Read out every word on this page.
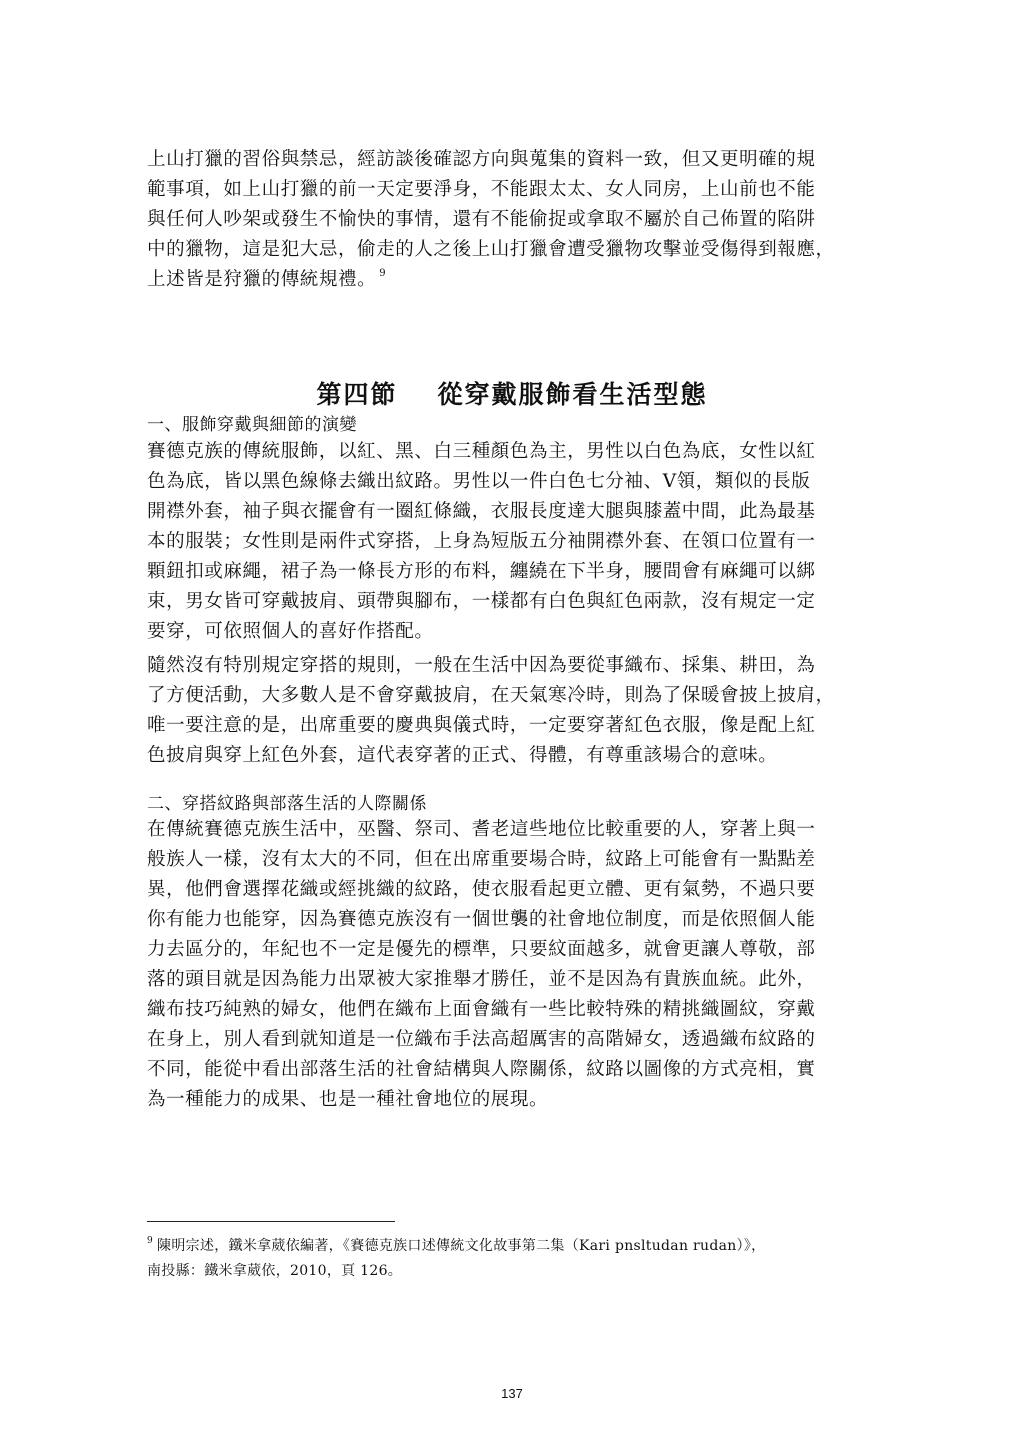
上山打獵的習俗與禁忌，經訪談後確認方向與蒐集的資料一致，但又更明確的規
範事項，如上山打獵的前一天定要淨身，不能跟太太、女人同房，上山前也不能
與任何人吵架或發生不愉快的事情，還有不能偷捉或拿取不屬於自己佈置的陷阱
中的獵物，這是犯大忌，偷走的人之後上山打獵會遭受獵物攻擊並受傷得到報應，
上述皆是狩獵的傳統規禮。 $^9$
第四節 從穿戴服飾看生活型態

一、服飾穿戴與細節的演變

賽德克族的傳統服飾，以紅、黑、白三種顏色為主，男性以白色為底，女性以紅
色為底，皆以黑色線條去織出紋路。男性以一件白色七分袖、V領，類似的長版
開襟外套，袖子與衣擺會有一圈紅條織，衣服長度達大腿與膝蓋中間，此為最基
本的服裝；女性則是兩件式穿搭，上身為短版五分袖開襟外套、在領口位置有一
顆鈕扣或麻繩，裙子為一條長方形的布料，纏繞在下半身，腰間會有麻繩可以綁
束，男女皆可穿戴披肩、頭帶與腳布，一樣都有白色與紅色兩款，沒有規定一定
要穿，可依照個人的喜好作搭配。
隨然沒有特別規定穿搭的規則，一般在生活中因為要從事織布、採集、耕田，為
了方便活動，大多數人是不會穿戴披肩，在天氣寒冷時，則為了保暖會披上披肩，
唯一要注意的是，出席重要的慶典與儀式時，一定要穿著紅色衣服，像是配上紅
色披肩與穿上紅色外套，這代表穿著的正式、得體，有尊重該場合的意味。

二、穿搭紋路與部落生活的人際關係

在傳統賽德克族生活中，巫醫、祭司、耆老這些地位比較重要的人，穿著上與一
般族人一樣，沒有太大的不同，但在出席重要場合時，紋路上可能會有一點點差
異，他們會選擇花織或經挑織的紋路，使衣服看起更立體、更有氣勢，不過只要
你有能力也能穿，因為賽德克族沒有一個世襲的社會地位制度，而是依照個人能
力去區分的，年紀也不一定是優先的標準，只要紋面越多，就會更讓人尊敬，部
落的頭目就是因為能力出眾被大家推舉才勝任，並不是因為有貴族血統。此外，
織布技巧純熟的婦女，他們在織布上面會織有一些比較特殊的精挑織圖紋，穿戴
在身上，別人看到就知道是一位織布手法高超厲害的高階婦女，透過織布紋路的
不同，能從中看出部落生活的社會結構與人際關係，紋路以圖像的方式亮相，實
為一種能力的成果、也是一種社會地位的展現。
$^9$ 陳明宗述，鐵米拿葳依編著，《賽德克族口述傳統文化故事第二集（Kari pnsltudan rudan）》，
南投縣：鐵米拿葳依，2010，頁 126。
137
